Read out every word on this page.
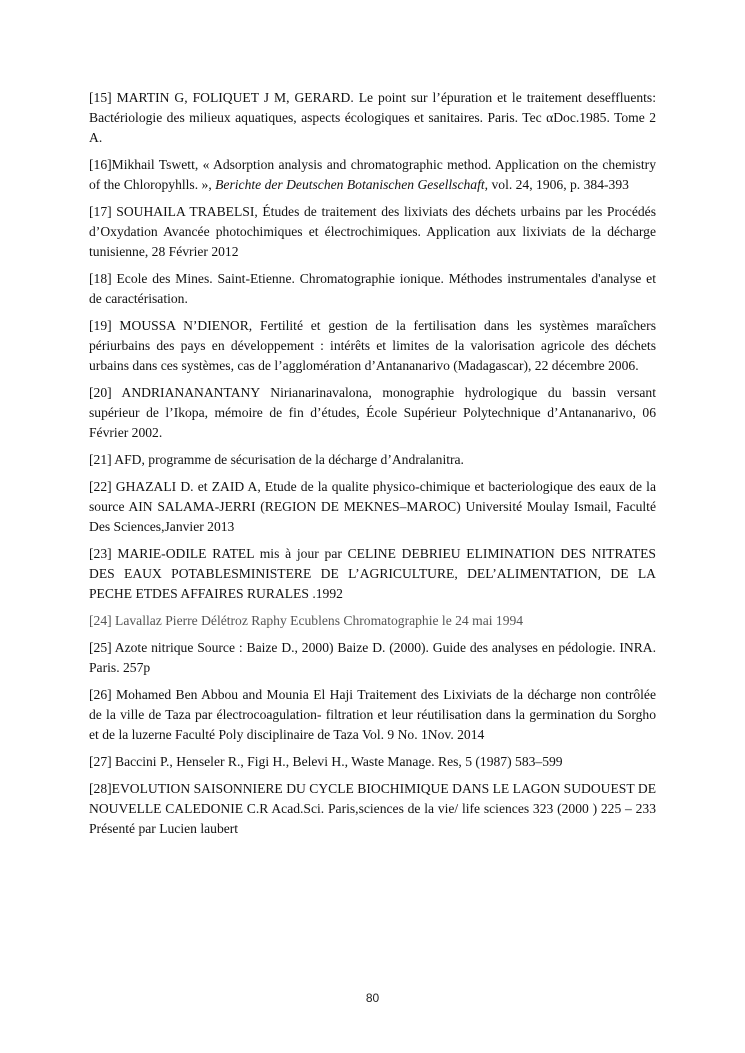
[15] MARTIN G, FOLIQUET J M, GERARD. Le point sur l’épuration et le traitement deseffluents: Bactériologie des milieux aquatiques, aspects écologiques et sanitaires. Paris. Tec αDoc.1985. Tome 2 A.

[16]Mikhail Tswett, « Adsorption analysis and chromatographic method. Application on the chemistry of the Chloropyhlls. », Berichte der Deutschen Botanischen Gesellschaft, vol. 24, 1906, p. 384-393

[17] SOUHAILA TRABELSI, Études de traitement des lixiviats des déchets urbains par les Procédés d’Oxydation Avancée photochimiques et électrochimiques. Application aux lixiviats de la décharge tunisienne, 28 Février 2012

[18] Ecole des Mines. Saint-Etienne. Chromatographie ionique. Méthodes instrumentales d'analyse et de caractérisation.

[19] MOUSSA N’DIENOR, Fertilité et gestion de la fertilisation dans les systèmes maraîchers périurbains des pays en développement : intérêts et limites de la valorisation agricole des déchets urbains dans ces systèmes, cas de l’agglomération d’Antananarivo (Madagascar), 22 décembre 2006.

[20] ANDRIANANANTANY Nirianarinavalona, monographie hydrologique du bassin versant supérieur de l’Ikopa, mémoire de fin d’études, École Supérieur Polytechnique d’Antananarivo, 06 Février 2002.

[21] AFD, programme de sécurisation de la décharge d’Andralanitra.

[22] GHAZALI D. et ZAID A, Etude de la qualite physico-chimique et bacteriologique des eaux de la source AIN SALAMA-JERRI (REGION DE MEKNES–MAROC) Université Moulay Ismail, Faculté Des Sciences,Janvier 2013

[23] MARIE-ODILE RATEL mis à jour par CELINE DEBRIEU ELIMINATION DES NITRATES DES EAUX POTABLESMINISTERE DE L’AGRICULTURE, DEL’ALIMENTATION, DE LA PECHE ETDES AFFAIRES RURALES .1992

[24] Lavallaz Pierre Délétroz Raphy Ecublens Chromatographie le 24 mai 1994

[25] Azote nitrique Source : Baize D., 2000) Baize D. (2000). Guide des analyses en pédologie. INRA. Paris. 257p

[26] Mohamed Ben Abbou and Mounia El Haji Traitement des Lixiviats de la décharge non contrôlée de la ville de Taza par électrocoagulation- filtration et leur réutilisation dans la germination du Sorgho et de la luzerne Faculté Poly disciplinaire de Taza Vol. 9 No. 1Nov. 2014

[27] Baccini P., Henseler R., Figi H., Belevi H., Waste Manage. Res, 5 (1987) 583–599

[28]EVOLUTION SAISONNIERE DU CYCLE BIOCHIMIQUE DANS LE LAGON SUDOUEST DE NOUVELLE CALEDONIE C.R Acad.Sci. Paris,sciences de la vie/ life sciences 323 (2000 ) 225 – 233 Présenté par Lucien laubert

80
